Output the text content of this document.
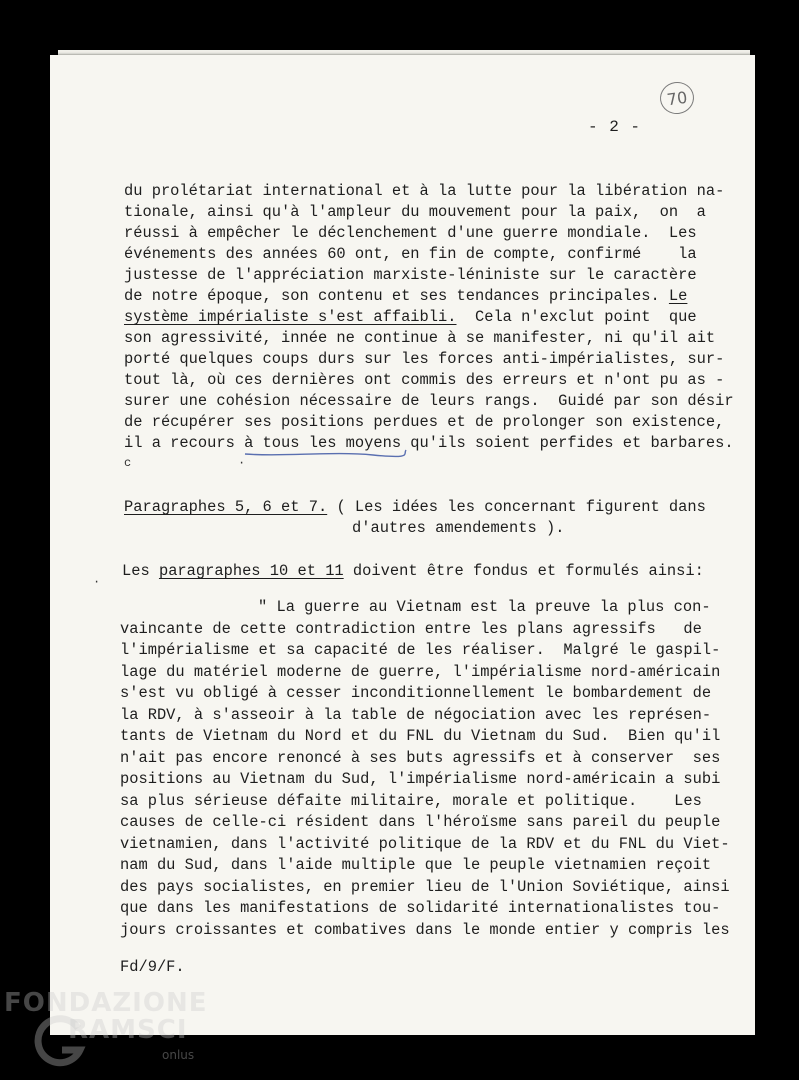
70
- 2 -
du prolétariat international et à la lutte pour la libération na-
tionale, ainsi qu'à l'ampleur du mouvement pour la paix,  on  a
réussi à empêcher le déclenchement d'une guerre mondiale.  Les
événements des années 60 ont, en fin de compte, confirmé    la
justesse de l'appréciation marxiste-léniniste sur le caractère
de notre époque, son contenu et ses tendances principales. Le
système impérialiste s'est affaibli.  Cela n'exclut point  que
son agressivité, innée ne continue à se manifester, ni qu'il ait
porté quelques coups durs sur les forces anti-impérialistes, sur-
tout là, où ces dernières ont commis des erreurs et n'ont pu as -
surer une cohésion nécessaire de leurs rangs.  Guidé par son désir
de récupérer ses positions perdues et de prolonger son existence,
il a recours à tous les moyens qu'ils soient perfides et barbares.
c	·
Paragraphes 5, 6 et 7. ( Les idées les concernant figurent dans
d'autres amendements ).
Les paragraphes 10 et 11 doivent être fondus et formulés ainsi:
·
" La guerre au Vietnam est la preuve la plus con-
vaincante de cette contradiction entre les plans agressifs   de
l'impérialisme et sa capacité de les réaliser.  Malgré le gaspil-
lage du matériel moderne de guerre, l'impérialisme nord-américain
s'est vu obligé à cesser inconditionnellement le bombardement de
la RDV, à s'asseoir à la table de négociation avec les représen-
tants de Vietnam du Nord et du FNL du Vietnam du Sud.  Bien qu'il
n'ait pas encore renoncé à ses buts agressifs et à conserver  ses
positions au Vietnam du Sud, l'impérialisme nord-américain a subi
sa plus sérieuse défaite militaire, morale et politique.    Les
causes de celle-ci résident dans l'héroïsme sans pareil du peuple
vietnamien, dans l'activité politique de la RDV et du FNL du Viet-
nam du Sud, dans l'aide multiple que le peuple vietnamien reçoit
des pays socialistes, en premier lieu de l'Union Soviétique, ainsi
que dans les manifestations de solidarité internationalistes tou-
jours croissantes et combatives dans le monde entier y compris les
Fd/9/F.
FONDAZIONE
RAMSCI
onlus
